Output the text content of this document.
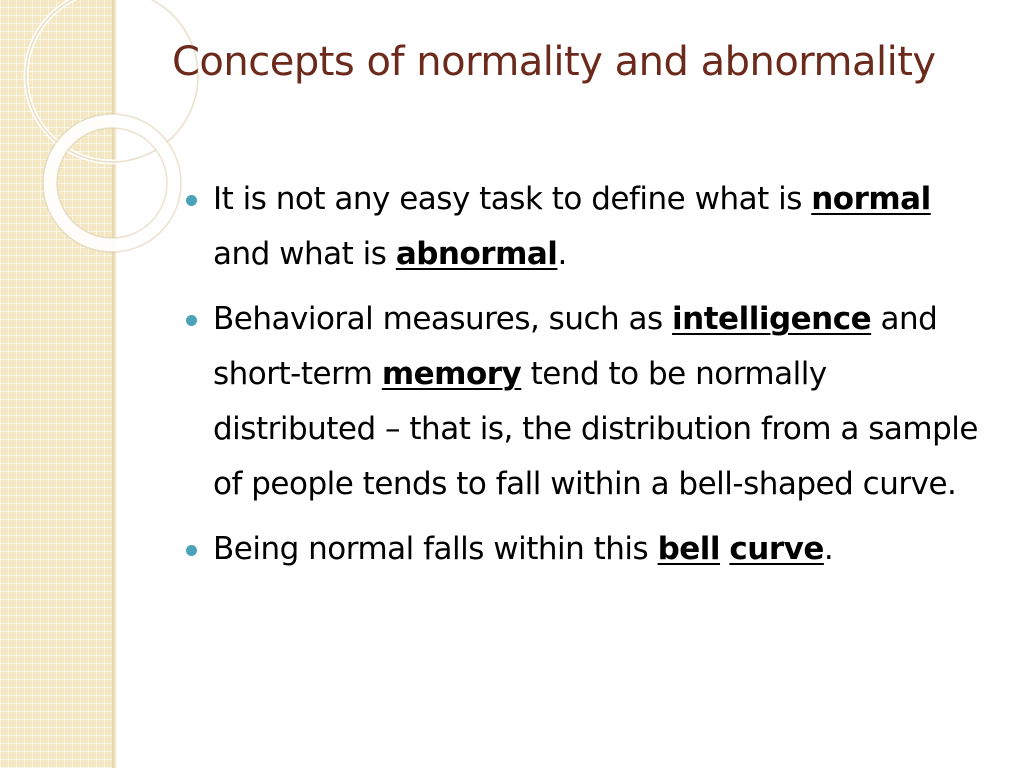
Concepts of normality and abnormality
It is not any easy task to define what is normal and what is abnormal.
Behavioral measures, such as intelligence and short-term memory tend to be normally distributed – that is, the distribution from a sample of people tends to fall within a bell-shaped curve.
Being normal falls within this bell curve.
